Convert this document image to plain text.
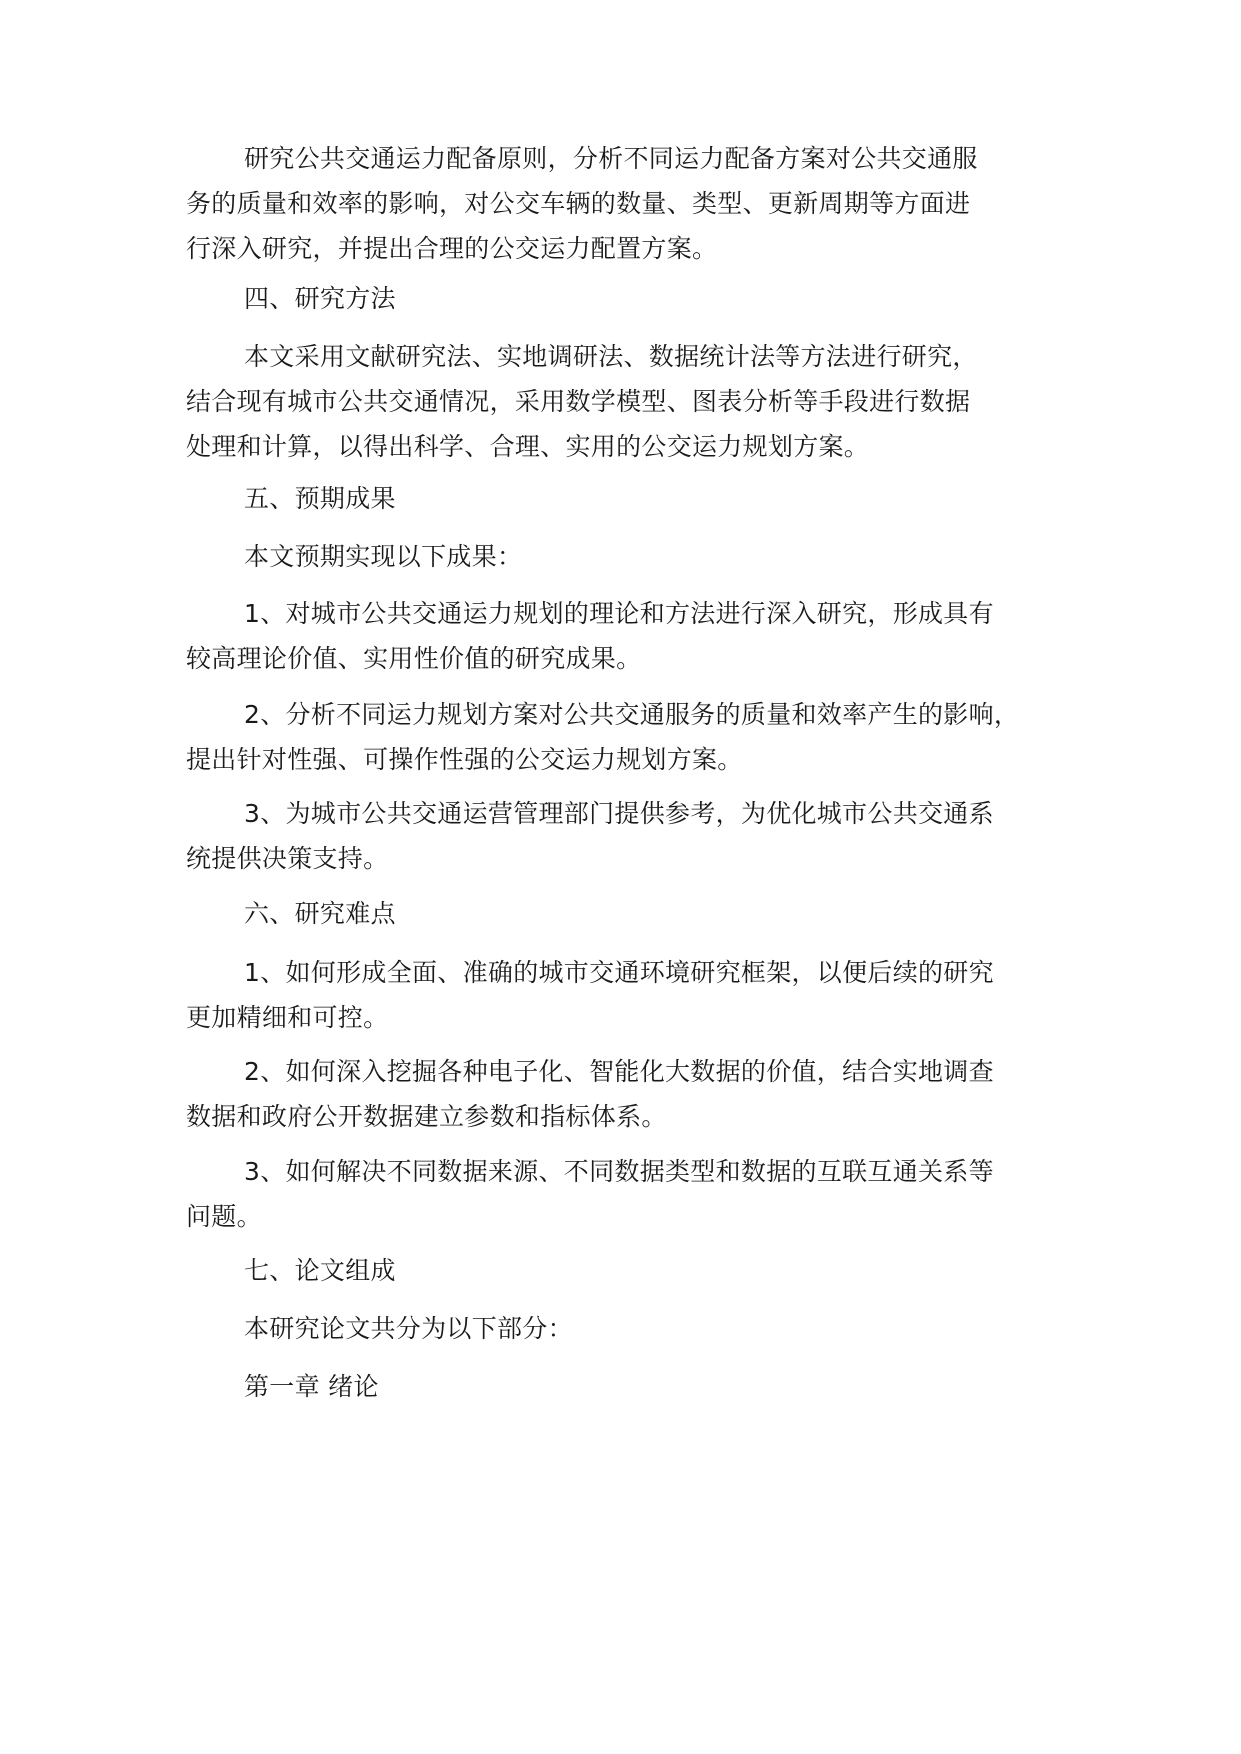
研究公共交通运力配备原则，分析不同运力配备方案对公共交通服
务的质量和效率的影响，对公交车辆的数量、类型、更新周期等方面进
行深入研究，并提出合理的公交运力配置方案。
四、研究方法
本文采用文献研究法、实地调研法、数据统计法等方法进行研究，
结合现有城市公共交通情况，采用数学模型、图表分析等手段进行数据
处理和计算，以得出科学、合理、实用的公交运力规划方案。
五、预期成果
本文预期实现以下成果：
1、对城市公共交通运力规划的理论和方法进行深入研究，形成具有
较高理论价值、实用性价值的研究成果。
2、分析不同运力规划方案对公共交通服务的质量和效率产生的影响，
提出针对性强、可操作性强的公交运力规划方案。
3、为城市公共交通运营管理部门提供参考，为优化城市公共交通系
统提供决策支持。
六、研究难点
1、如何形成全面、准确的城市交通环境研究框架，以便后续的研究
更加精细和可控。
2、如何深入挖掘各种电子化、智能化大数据的价值，结合实地调查
数据和政府公开数据建立参数和指标体系。
3、如何解决不同数据来源、不同数据类型和数据的互联互通关系等
问题。
七、论文组成
本研究论文共分为以下部分：
第一章 绪论
